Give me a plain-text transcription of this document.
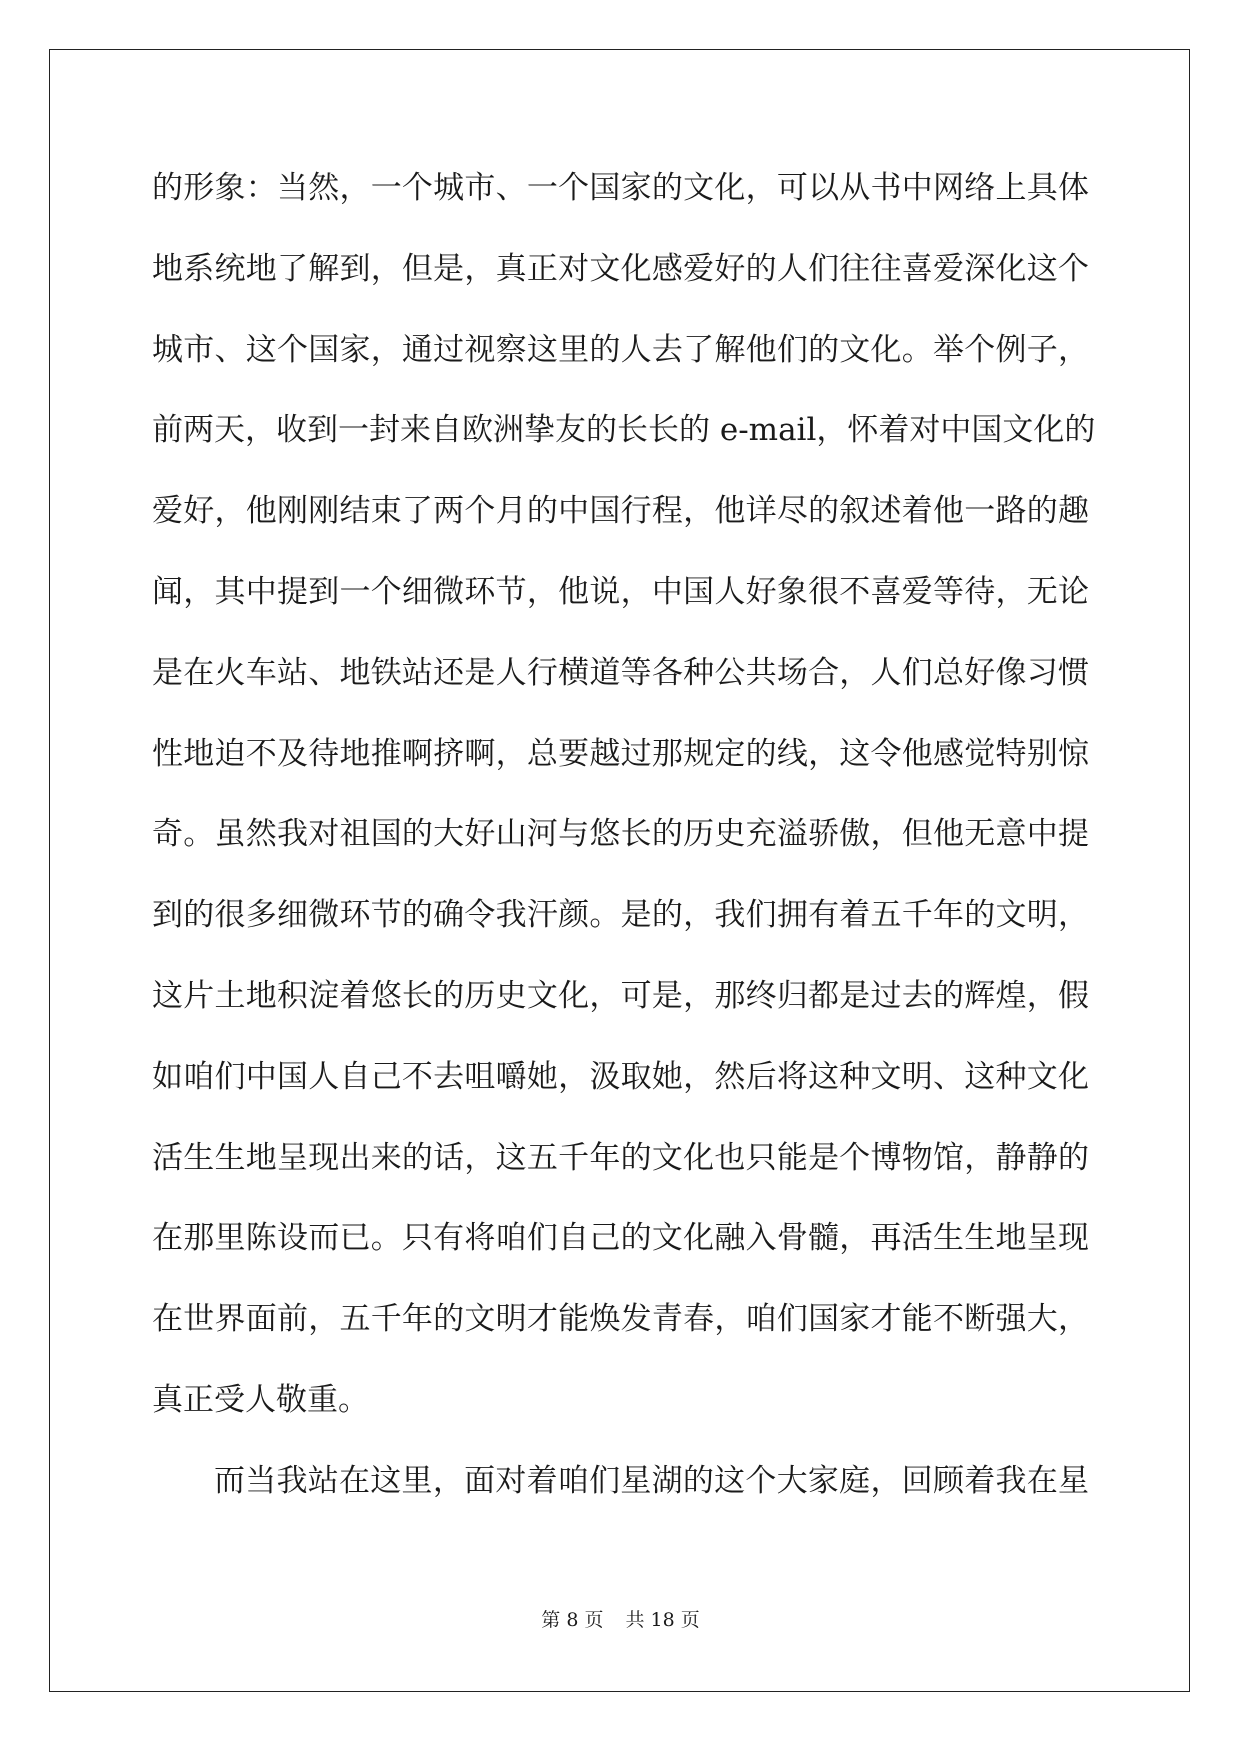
的形象：当然，一个城市、一个国家的文化，可以从书中网络上具体
地系统地了解到，但是，真正对文化感爱好的人们往往喜爱深化这个
城市、这个国家，通过视察这里的人去了解他们的文化。举个例子，
前两天，收到一封来自欧洲挚友的长长的 e-mail，怀着对中国文化的
爱好，他刚刚结束了两个月的中国行程，他详尽的叙述着他一路的趣
闻，其中提到一个细微环节，他说，中国人好象很不喜爱等待，无论
是在火车站、地铁站还是人行横道等各种公共场合，人们总好像习惯
性地迫不及待地推啊挤啊，总要越过那规定的线，这令他感觉特别惊
奇。虽然我对祖国的大好山河与悠长的历史充溢骄傲，但他无意中提
到的很多细微环节的确令我汗颜。是的，我们拥有着五千年的文明，
这片土地积淀着悠长的历史文化，可是，那终归都是过去的辉煌，假
如咱们中国人自己不去咀嚼她，汲取她，然后将这种文明、这种文化
活生生地呈现出来的话，这五千年的文化也只能是个博物馆，静静的
在那里陈设而已。只有将咱们自己的文化融入骨髓，再活生生地呈现
在世界面前，五千年的文明才能焕发青春，咱们国家才能不断强大，
真正受人敬重。
而当我站在这里，面对着咱们星湖的这个大家庭，回顾着我在星
第 8 页 共 18 页
